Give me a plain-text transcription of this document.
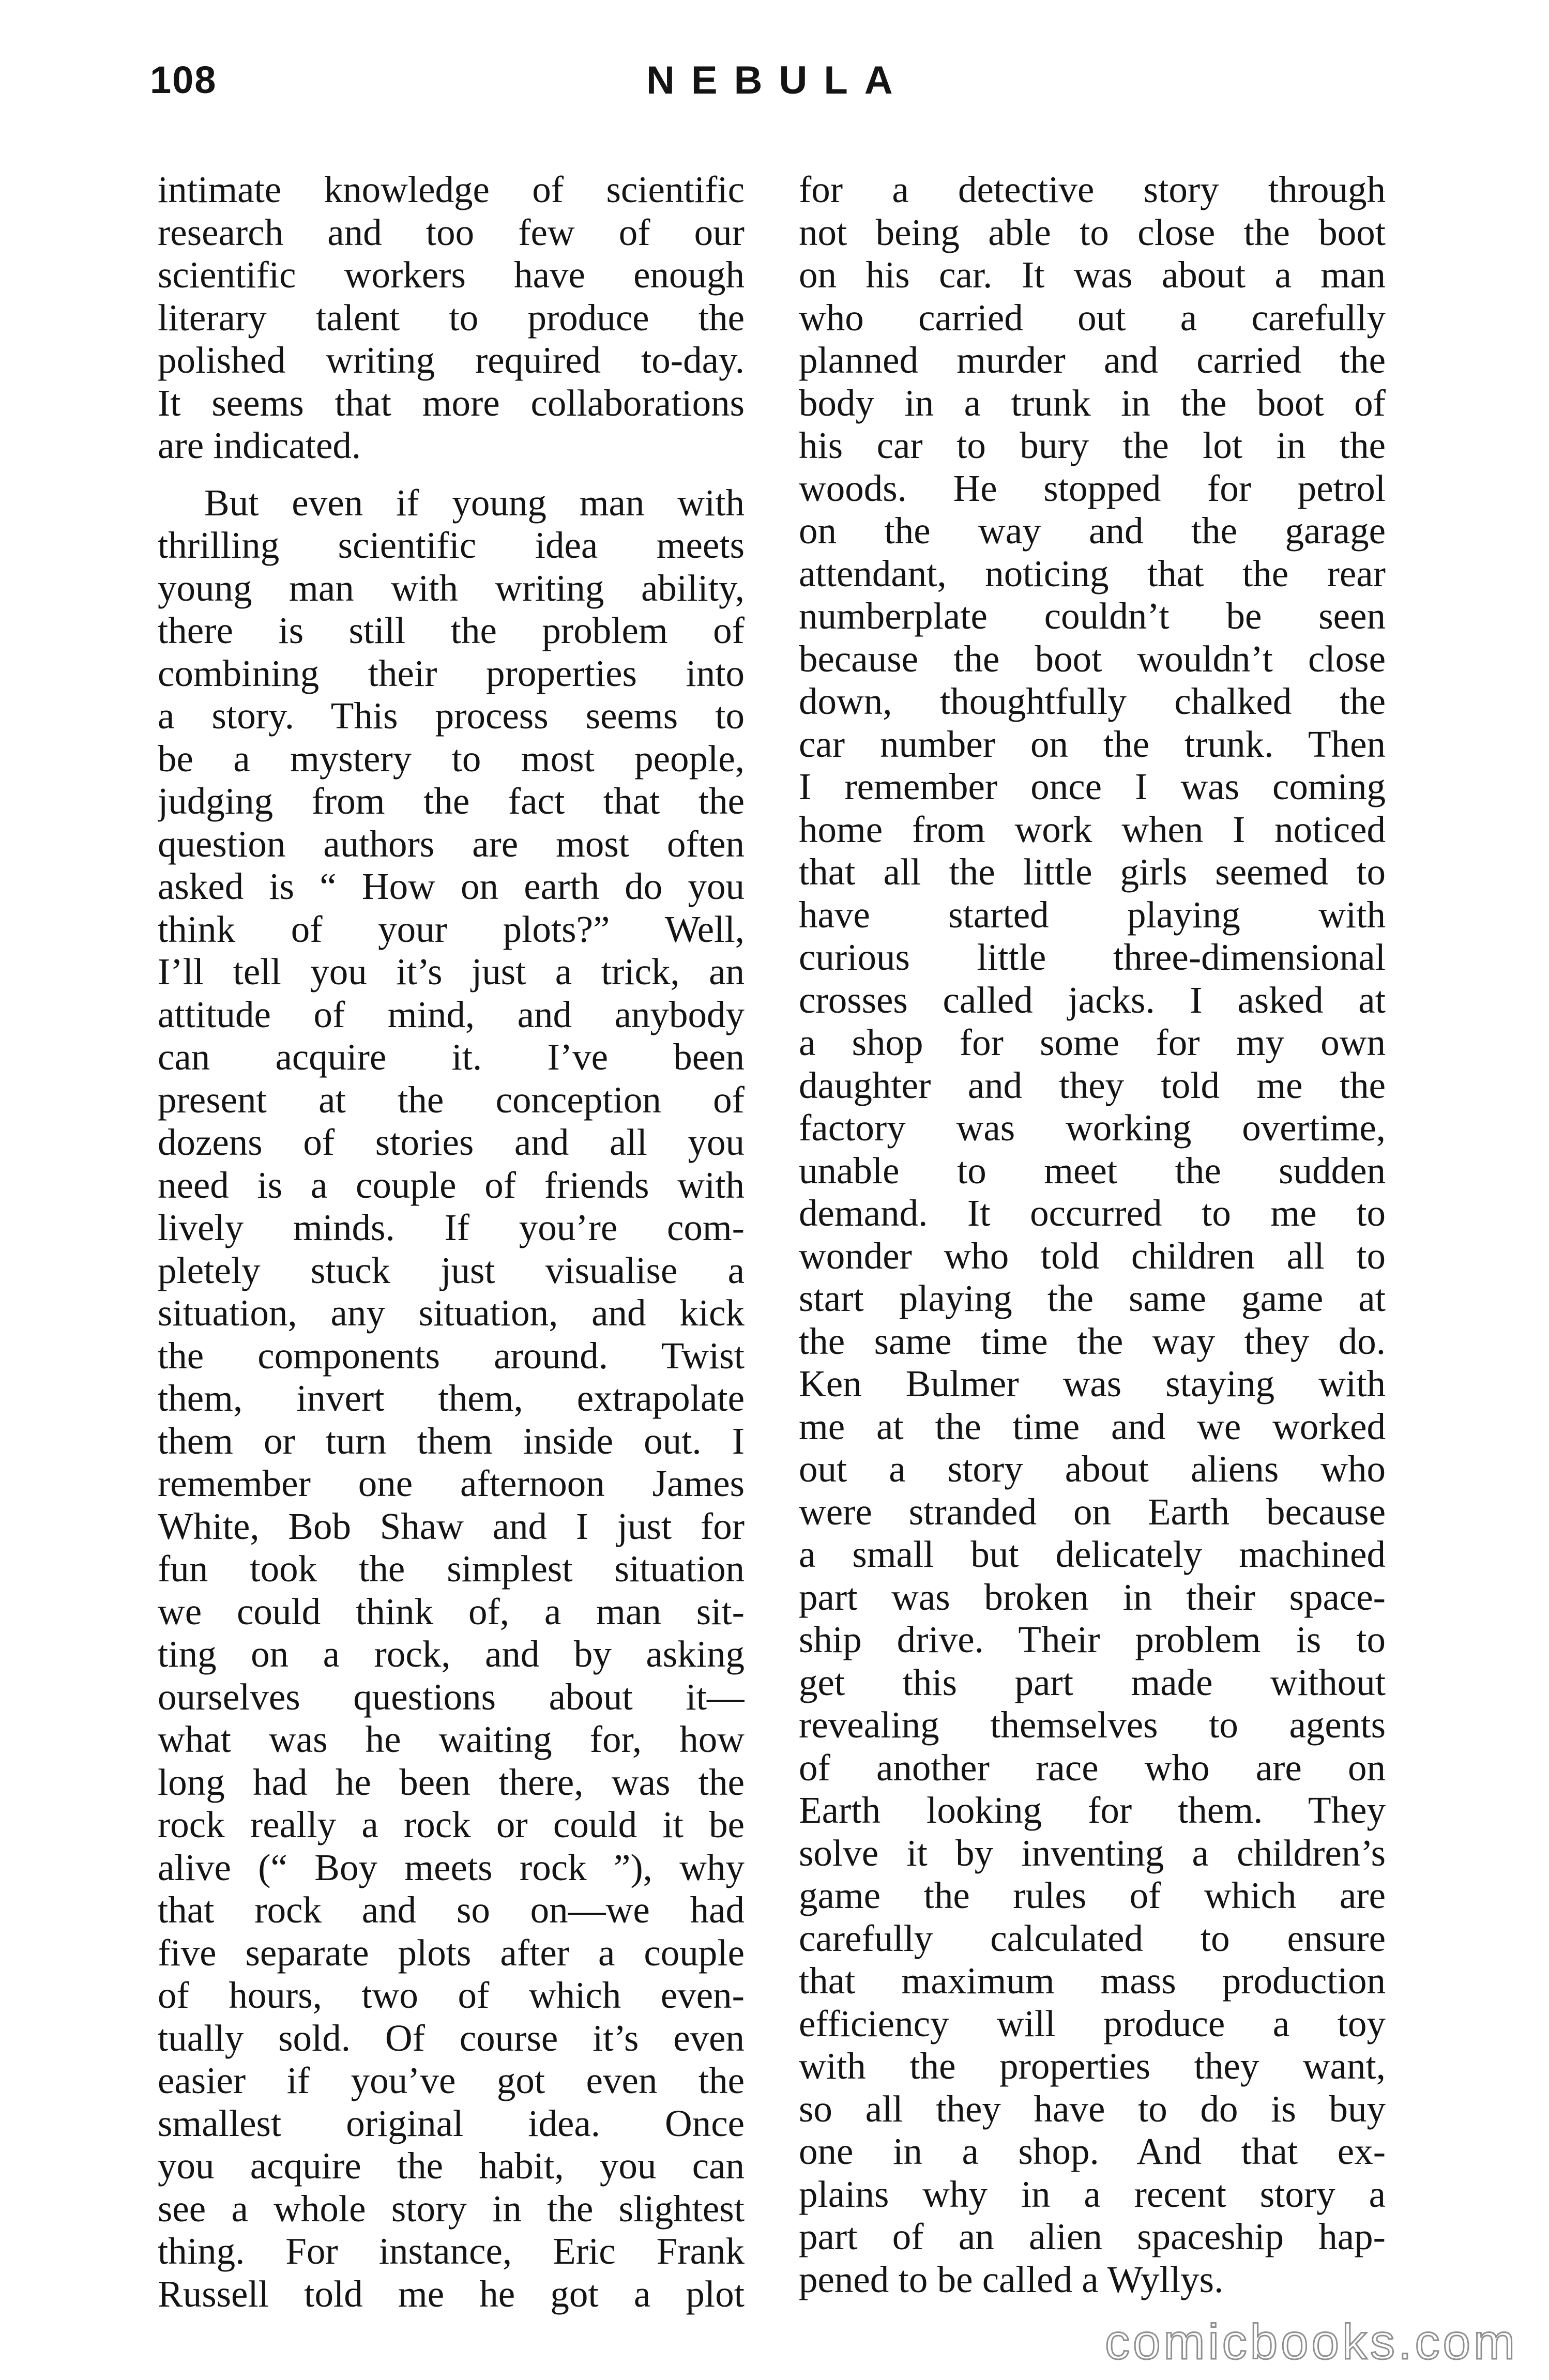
108	NEBULA
intimate knowledge of scientific
research and too few of our
scientific workers have enough
literary talent to produce the
polished writing required to-day.
It seems that more collaborations
are indicated.
But even if young man with
thrilling scientific idea meets
young man with writing ability,
there is still the problem of
combining their properties into
a story. This process seems to
be a mystery to most people,
judging from the fact that the
question authors are most often
asked is “ How on earth do you
think of your plots?” Well,
I’ll tell you it’s just a trick, an
attitude of mind, and anybody
can acquire it. I’ve been
present at the conception of
dozens of stories and all you
need is a couple of friends with
lively minds. If you’re com-
pletely stuck just visualise a
situation, any situation, and kick
the components around. Twist
them, invert them, extrapolate
them or turn them inside out. I
remember one afternoon James
White, Bob Shaw and I just for
fun took the simplest situation
we could think of, a man sit-
ting on a rock, and by asking
ourselves questions about it—
what was he waiting for, how
long had he been there, was the
rock really a rock or could it be
alive (“ Boy meets rock ”), why
that rock and so on—we had
five separate plots after a couple
of hours, two of which even-
tually sold. Of course it’s even
easier if you’ve got even the
smallest original idea. Once
you acquire the habit, you can
see a whole story in the slightest
thing. For instance, Eric Frank
Russell told me he got a plot
for a detective story through
not being able to close the boot
on his car. It was about a man
who carried out a carefully
planned murder and carried the
body in a trunk in the boot of
his car to bury the lot in the
woods. He stopped for petrol
on the way and the garage
attendant, noticing that the rear
numberplate couldn’t be seen
because the boot wouldn’t close
down, thoughtfully chalked the
car number on the trunk. Then
I remember once I was coming
home from work when I noticed
that all the little girls seemed to
have started playing with
curious little three-dimensional
crosses called jacks. I asked at
a shop for some for my own
daughter and they told me the
factory was working overtime,
unable to meet the sudden
demand. It occurred to me to
wonder who told children all to
start playing the same game at
the same time the way they do.
Ken Bulmer was staying with
me at the time and we worked
out a story about aliens who
were stranded on Earth because
a small but delicately machined
part was broken in their space-
ship drive. Their problem is to
get this part made without
revealing themselves to agents
of another race who are on
Earth looking for them. They
solve it by inventing a children’s
game the rules of which are
carefully calculated to ensure
that maximum mass production
efficiency will produce a toy
with the properties they want,
so all they have to do is buy
one in a shop. And that ex-
plains why in a recent story a
part of an alien spaceship hap-
pened to be called a Wyllys.
comicbooks.com
